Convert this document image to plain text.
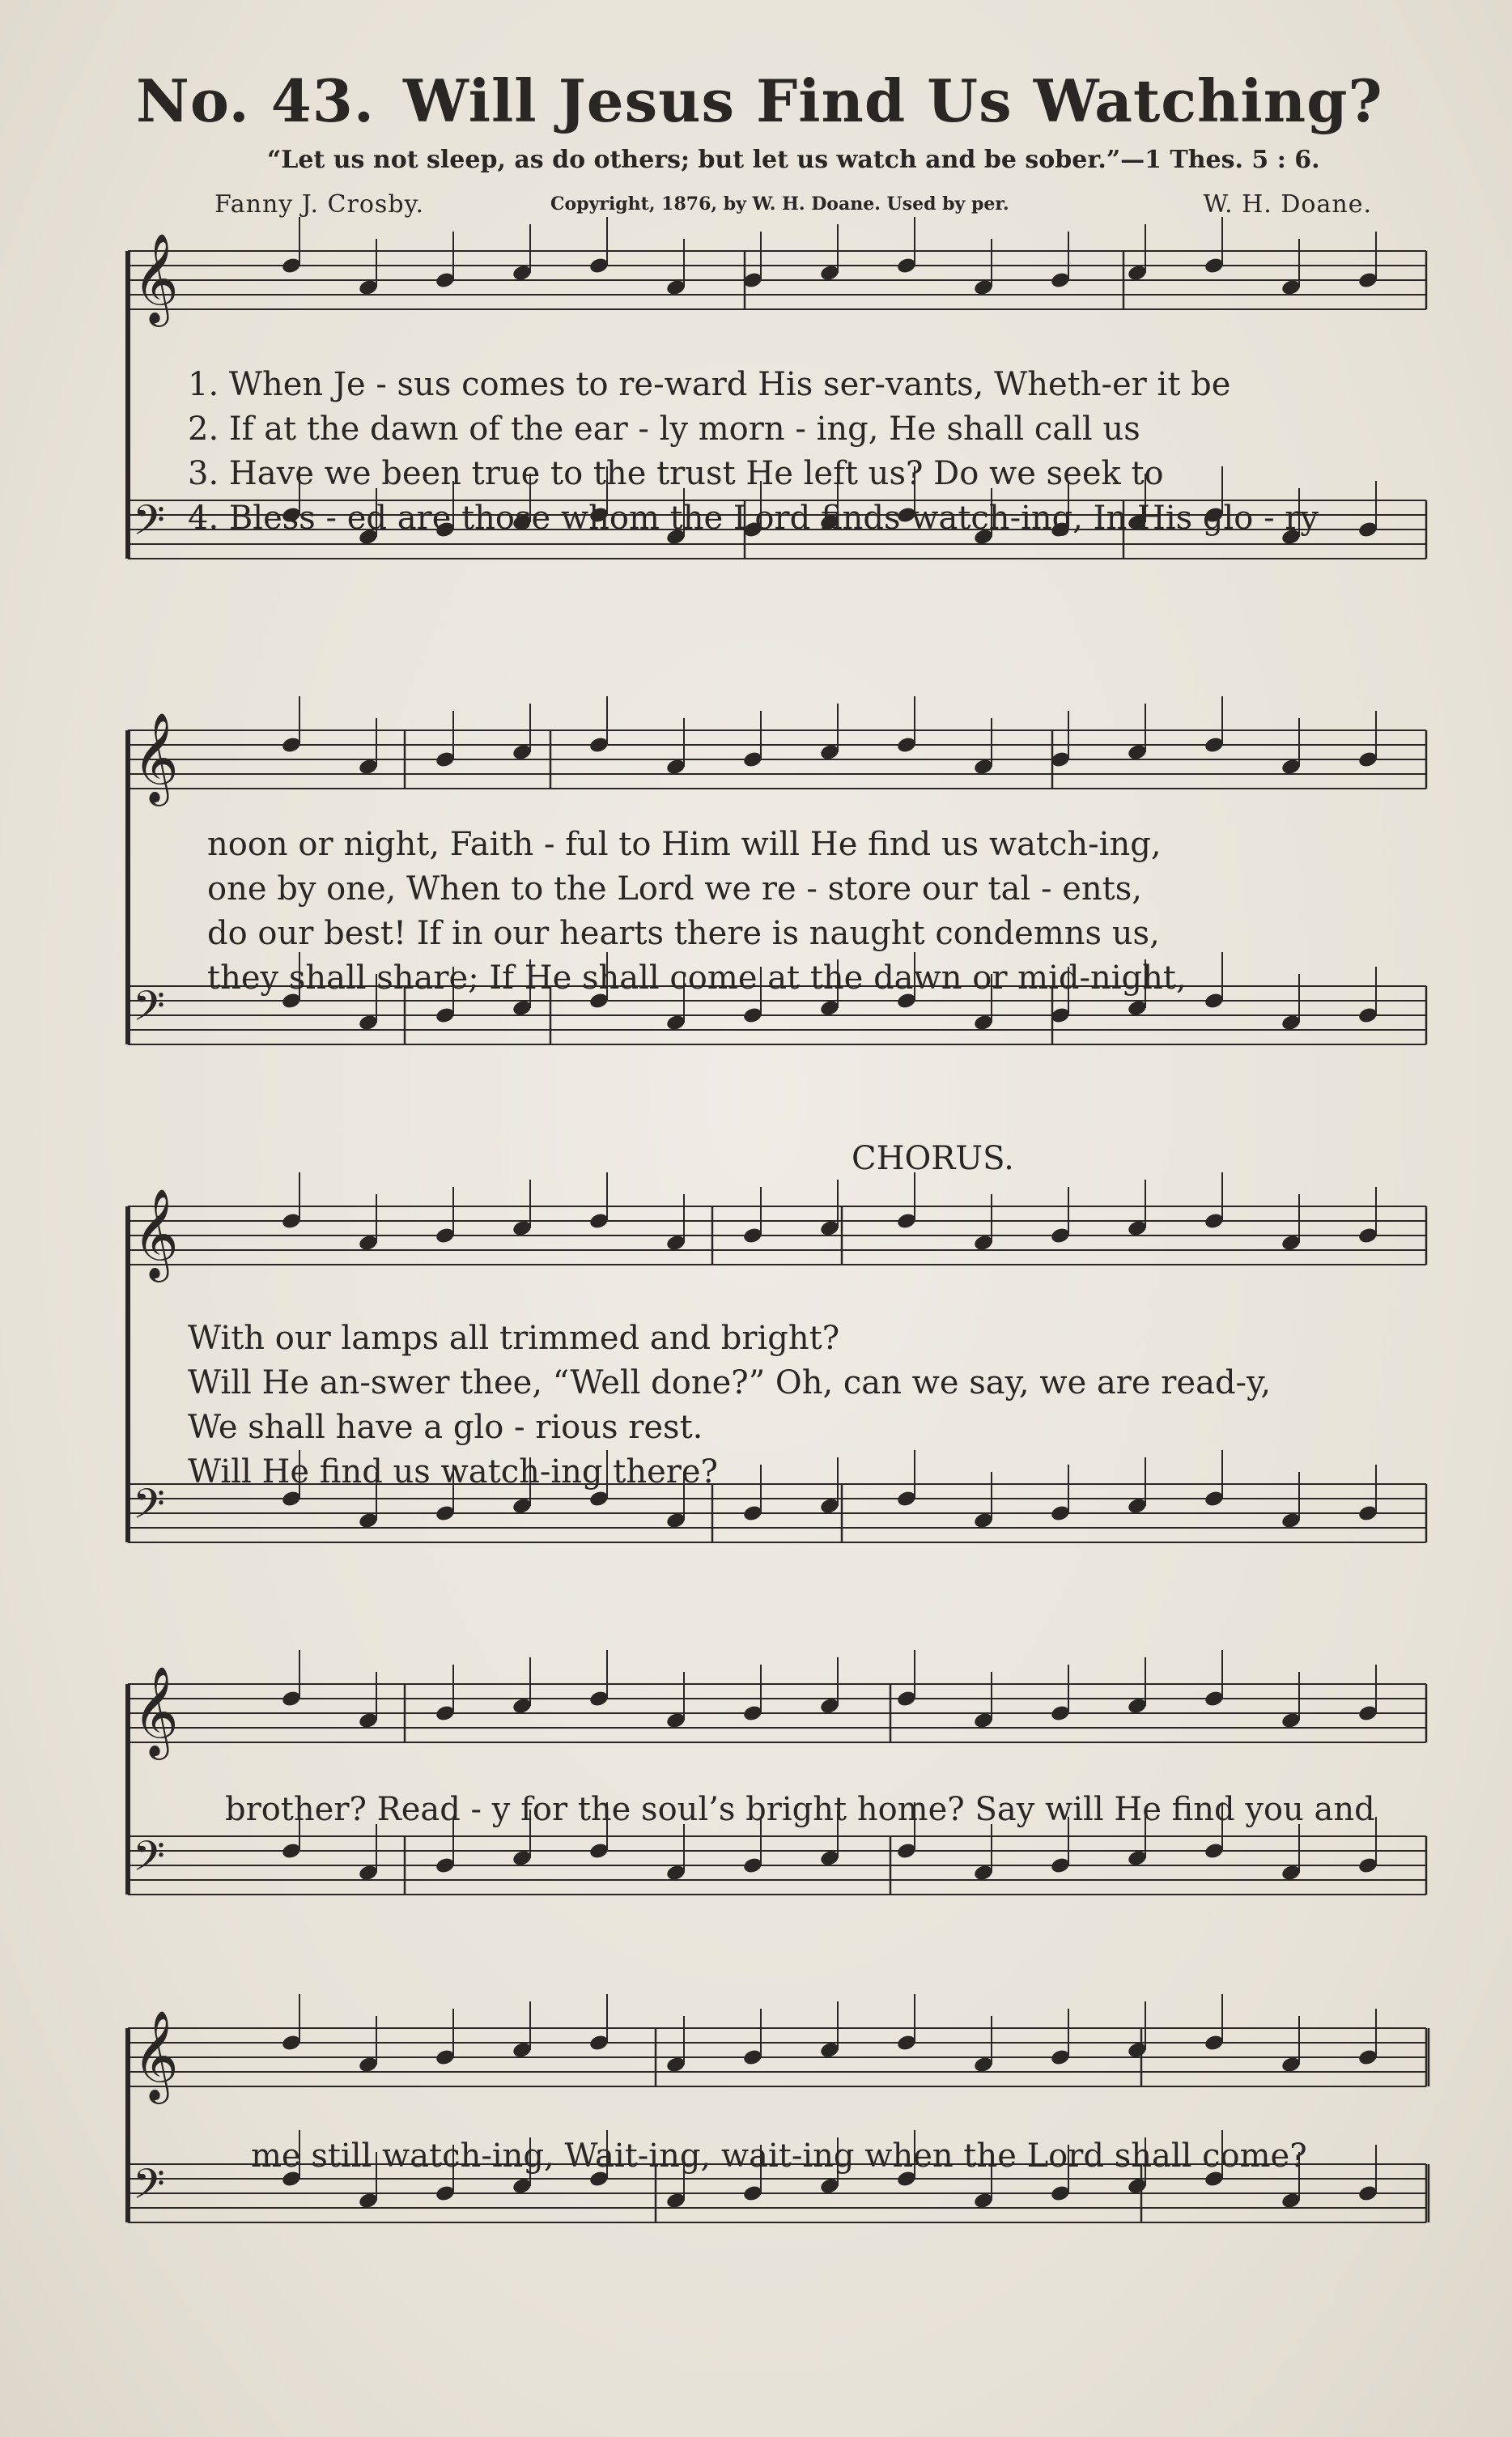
No. 43. Will Jesus Find Us Watching?
“Let us not sleep, as do others; but let us watch and be sober.”—1 Thes. 5 : 6.
Fanny J. Crosby.	Copyright, 1876, by W. H. Doane. Used by per.	W. H. Doane.
𝄞
𝄢
𝄞
𝄢
𝄞
𝄢
𝄞
𝄢
𝄞
𝄢
1. When Je - sus comes to re-ward His ser-vants, Wheth-er it be
2. If at the dawn of the ear - ly morn - ing, He shall call us
3. Have we been true to the trust He left us? Do we seek to
4. Bless - ed are those whom the Lord finds watch-ing, In His glo - ry
noon or night, Faith - ful to Him will He find us watch-ing,
one by one, When to the Lord we re - store our tal - ents,
do our best! If in our hearts there is naught condemns us,
they shall share; If He shall come at the dawn or mid-night,
CHORUS.
With our lamps all trimmed and bright?
Will He an-swer thee, “Well done?” Oh, can we say, we are read-y,
We shall have a glo - rious rest.
Will He find us watch-ing there?
brother? Read - y for the soul’s bright home? Say will He find you and
me still watch-ing, Wait-ing, wait-ing when the Lord shall come?
